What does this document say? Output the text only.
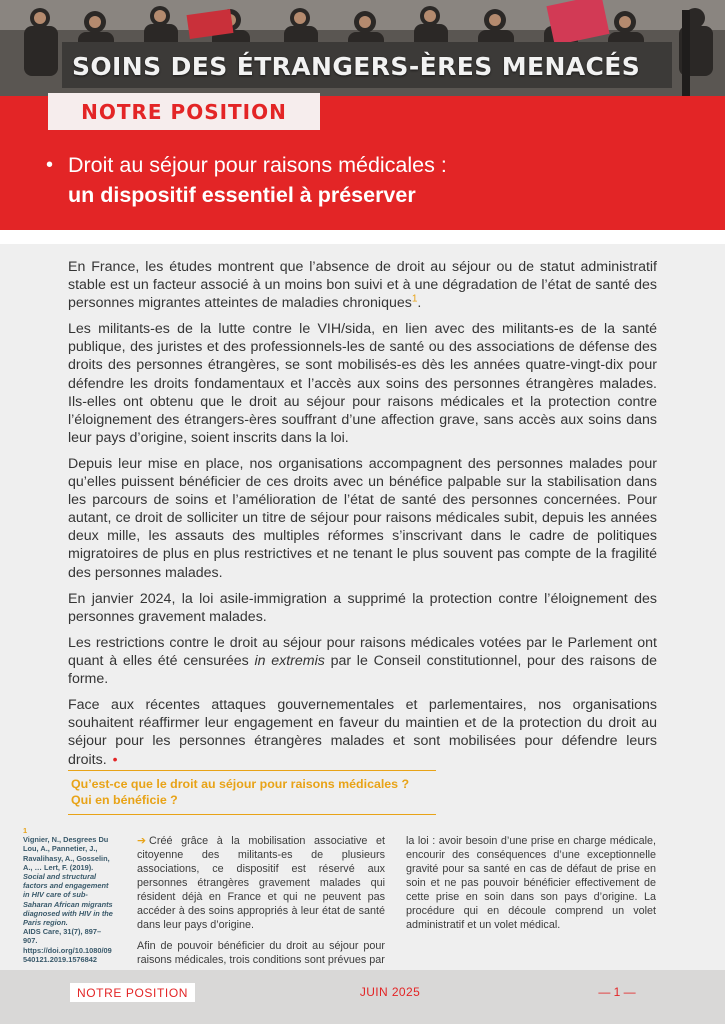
SOINS DES ÉTRANGERS-ÈRES MENACÉS
NOTRE POSITION
• Droit au séjour pour raisons médicales :
un dispositif essentiel à préserver

En France, les études montrent que l’absence de droit au séjour ou de statut administratif stable est un facteur associé à un moins bon suivi et à une dégradation de l’état de santé des personnes migrantes atteintes de maladies chroniques$^1$.

Les militants-es de la lutte contre le VIH/sida, en lien avec des militants-es de la santé publique, des juristes et des professionnels-les de santé ou des associations de défense des droits des personnes étrangères, se sont mobilisés-es dès les années quatre-vingt-dix pour défendre les droits fondamentaux et l’accès aux soins des personnes étrangères malades. Ils-elles ont obtenu que le droit au séjour pour raisons médicales et la protection contre l’éloignement des étrangers-ères souffrant d’une affection grave, sans accès aux soins dans leur pays d’origine, soient inscrits dans la loi.

Depuis leur mise en place, nos organisations accompagnent des personnes malades pour qu’elles puissent bénéficier de ces droits avec un bénéfice palpable sur la stabilisation dans les parcours de soins et l’amélioration de l’état de santé des personnes concernées. Pour autant, ce droit de solliciter un titre de séjour pour raisons médicales subit, depuis les années deux mille, les assauts des multiples réformes s’inscrivant dans le cadre de politiques migratoires de plus en plus restrictives et ne tenant le plus souvent pas compte de la fragilité des personnes malades.

En janvier 2024, la loi asile-immigration a supprimé la protection contre l’éloignement des personnes gravement malades.

Les restrictions contre le droit au séjour pour raisons médicales votées par le Parlement ont quant à elles été censurées in extremis par le Conseil constitutionnel, pour des raisons de forme.

Face aux récentes attaques gouvernementales et parlementaires, nos organisations souhaitent réaffirmer leur engagement en faveur du maintien et de la protection du droit au séjour pour les personnes étrangères malades et sont mobilisées pour défendre leurs droits. •

Qu’est-ce que le droit au séjour pour raisons médicales ?
Qui en bénéficie ?
1
Vignier, N., Desgrees Du Lou, A., Pannetier, J., Ravalihasy, A., Gosselin, A., … Lert, F. (2019).
Social and structural factors and engagement in HIV care of sub-Saharan African migrants diagnosed with HIV in the Paris region.
AIDS Care, 31(7), 897–907.
https://doi.org/10.1080/09540121.2019.1576842

➔ Créé grâce à la mobilisation associative et citoyenne des militants-es de plusieurs associations, ce dispositif est réservé aux personnes étrangères gravement malades qui résident déjà en France et qui ne peuvent pas accéder à des soins appropriés à leur état de santé dans leur pays d’origine.

Afin de pouvoir bénéficier du droit au séjour pour raisons médicales, trois conditions sont prévues par

la loi : avoir besoin d’une prise en charge médicale, encourir des conséquences d’une exceptionnelle gravité pour sa santé en cas de défaut de prise en soin et ne pas pouvoir bénéficier effectivement de cette prise en soin dans son pays d’origine. La procédure qui en découle comprend un volet administratif et un volet médical.

NOTRE POSITION	JUIN 2025	— 1 —
